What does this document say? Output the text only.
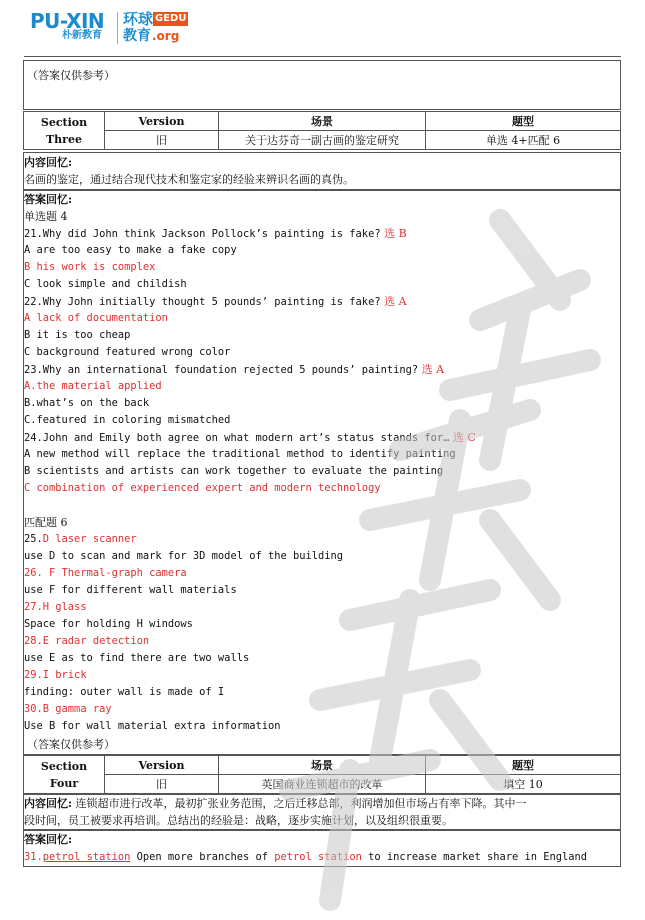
PU-XIN
朴新教育
环球 GEDU
教育 .org
（答案仅供参考）
Section
Three	Version	场景	题型
	旧	关于达芬奇一副古画的鉴定研究	单选 4+匹配 6
内容回忆:
名画的鉴定，通过结合现代技术和鉴定家的经验来辨识名画的真伪。
答案回忆:
单选题 4
21.Why did John think Jackson Pollock’s painting is fake? 选 B
A are too easy to make a fake copy
B his work is complex
C look simple and childish
22.Why John initially thought 5 pounds’ painting is fake? 选 A
A lack of documentation
B it is too cheap
C background featured wrong color
23.Why an international foundation rejected 5 pounds’ painting? 选 A
A.the material applied
B.what’s on the back
C.featured in coloring mismatched
24.John and Emily both agree on what modern art’s status stands for… 选 C
A new method will replace the traditional method to identify painting
B scientists and artists can work together to evaluate the painting
C combination of experienced expert and modern technology
匹配题 6
25.D laser scanner
use D to scan and mark for 3D model of the building
26. F Thermal-graph camera
use F for different wall materials
27.H glass
Space for holding H windows
28.E radar detection
use E as to find there are two walls
29.I brick
finding: outer wall is made of I
30.B gamma ray
Use B for wall material extra information
（答案仅供参考）
Section
Four	Version	场景	题型
	旧	英国商业连锁超市的改革	填空 10
内容回忆: 连锁超市进行改革，最初扩张业务范围，之后迁移总部，利润增加但市场占有率下降。其中一
段时间，员工被要求再培训。总结出的经验是：战略，逐步实施计划，以及组织很重要。
答案回忆:
31.petrol station Open more branches of petrol station to increase market share in England
